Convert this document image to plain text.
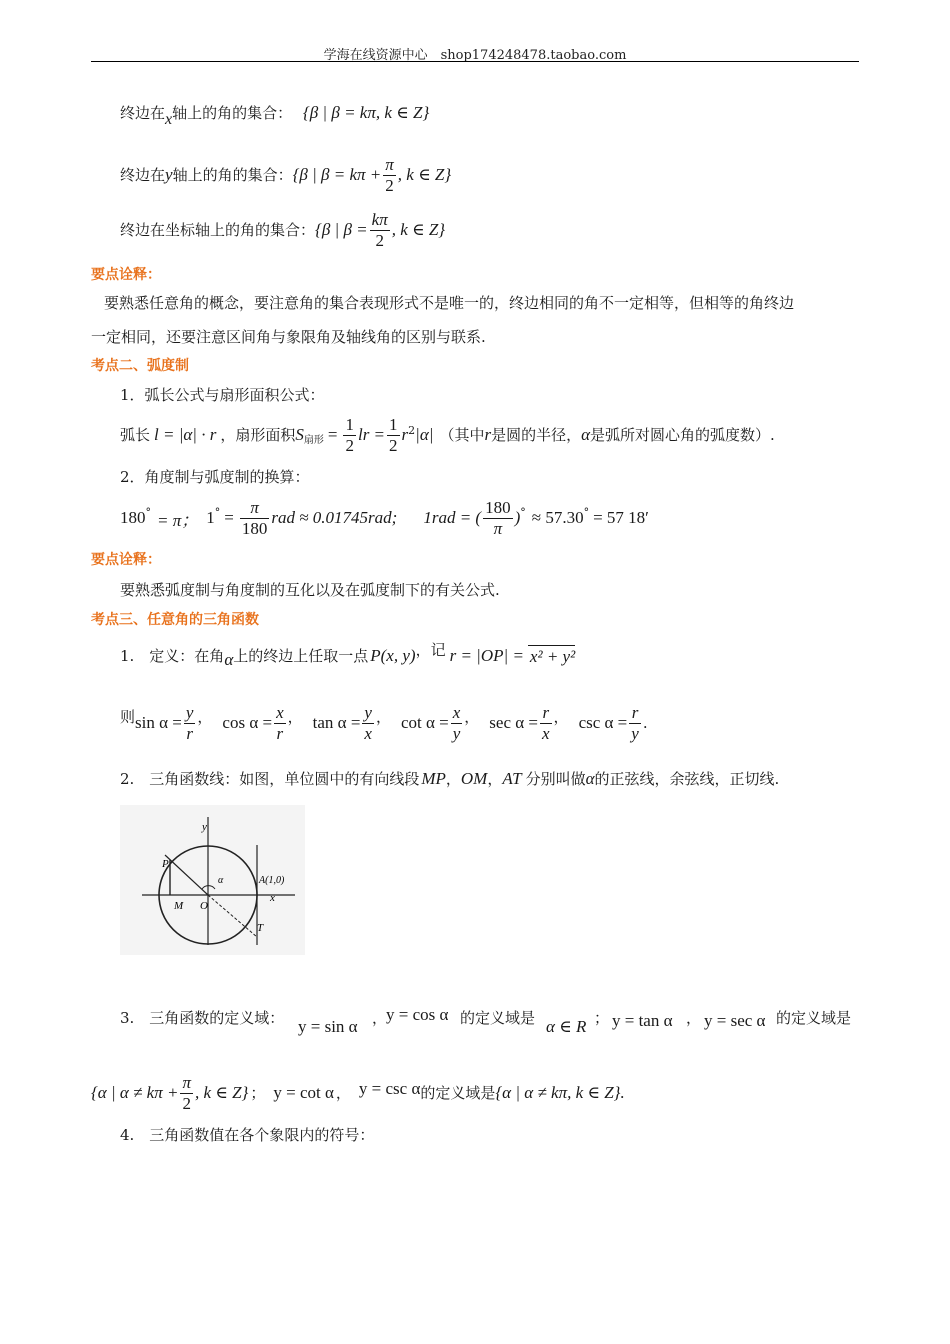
学海在线资源中心　shop174248478.taobao.com
终边在x轴上的角的集合： {β | β = kπ, k ∈ Z}
终边在 y 轴上的角的集合： {β | $\beta = k\pi + \frac{\pi}{2}$ , k ∈ Z}
终边在坐标轴上的角的集合： {β | $\beta = \frac{k\pi}{2}$ , k ∈ Z}
要点诠释：
要熟悉任意角的概念，要注意角的集合表现形式不是唯一的，终边相同的角不一定相等，但相等的角终边
一定相同，还要注意区间角与象限角及轴线角的区别与联系.
考点二、弧度制
1．弧长公式与扇形面积公式：
弧长 l = |α| · r ，扇形面积 S 扇形 = $\frac{1}{2}$ lr = $\frac{1}{2} r^2$ |α| （其中 r 是圆的半径， α 是弧所对圆心角的弧度数）.
2．角度制与弧度制的换算：
180° = π； $1^\circ = \frac{\pi}{180}$ rad ≈ 0.01745rad; 1rad = ( $\frac{180}{\pi} )^\circ \approx 57.30^\circ = 57$ 18′
要点诠释：
要熟悉弧度制与角度制的互化以及在弧度制下的有关公式.
考点三、任意角的三角函数
1.　定义：在角 α 上的终边上任取一点 P(x, y) ，记 r = |OP| = x² + y²
则 $\sin \alpha = \frac{y}{r}$ ， $\cos \alpha = \frac{x}{r}$ ， $\tan \alpha = \frac{y}{x}$ ， $\cot \alpha = \frac{x}{y}$ ， $\sec \alpha = \frac{r}{x}$ ， $\csc \alpha = \frac{r}{y}$ .
2.　三角函数线：如图，单位圆中的有向线段 MP ， OM ， AT 分别叫做 α 的正弦线，余弦线，正切线.
y
P
α	A(1,0)
M O
x
T
3.　三角函数的定义域： y = sin α ，
y = cos α 的定义域是 α ∈ R ； y = tan α ， y = sec α 的定义域是
{α | $\alpha \ne k\pi + \frac{\pi}{2}$ , k ∈ Z} ； y = cot α ， y = csc α 的定义域是 {α | α ≠ kπ, k ∈ Z}.
4.　三角函数值在各个象限内的符号：
